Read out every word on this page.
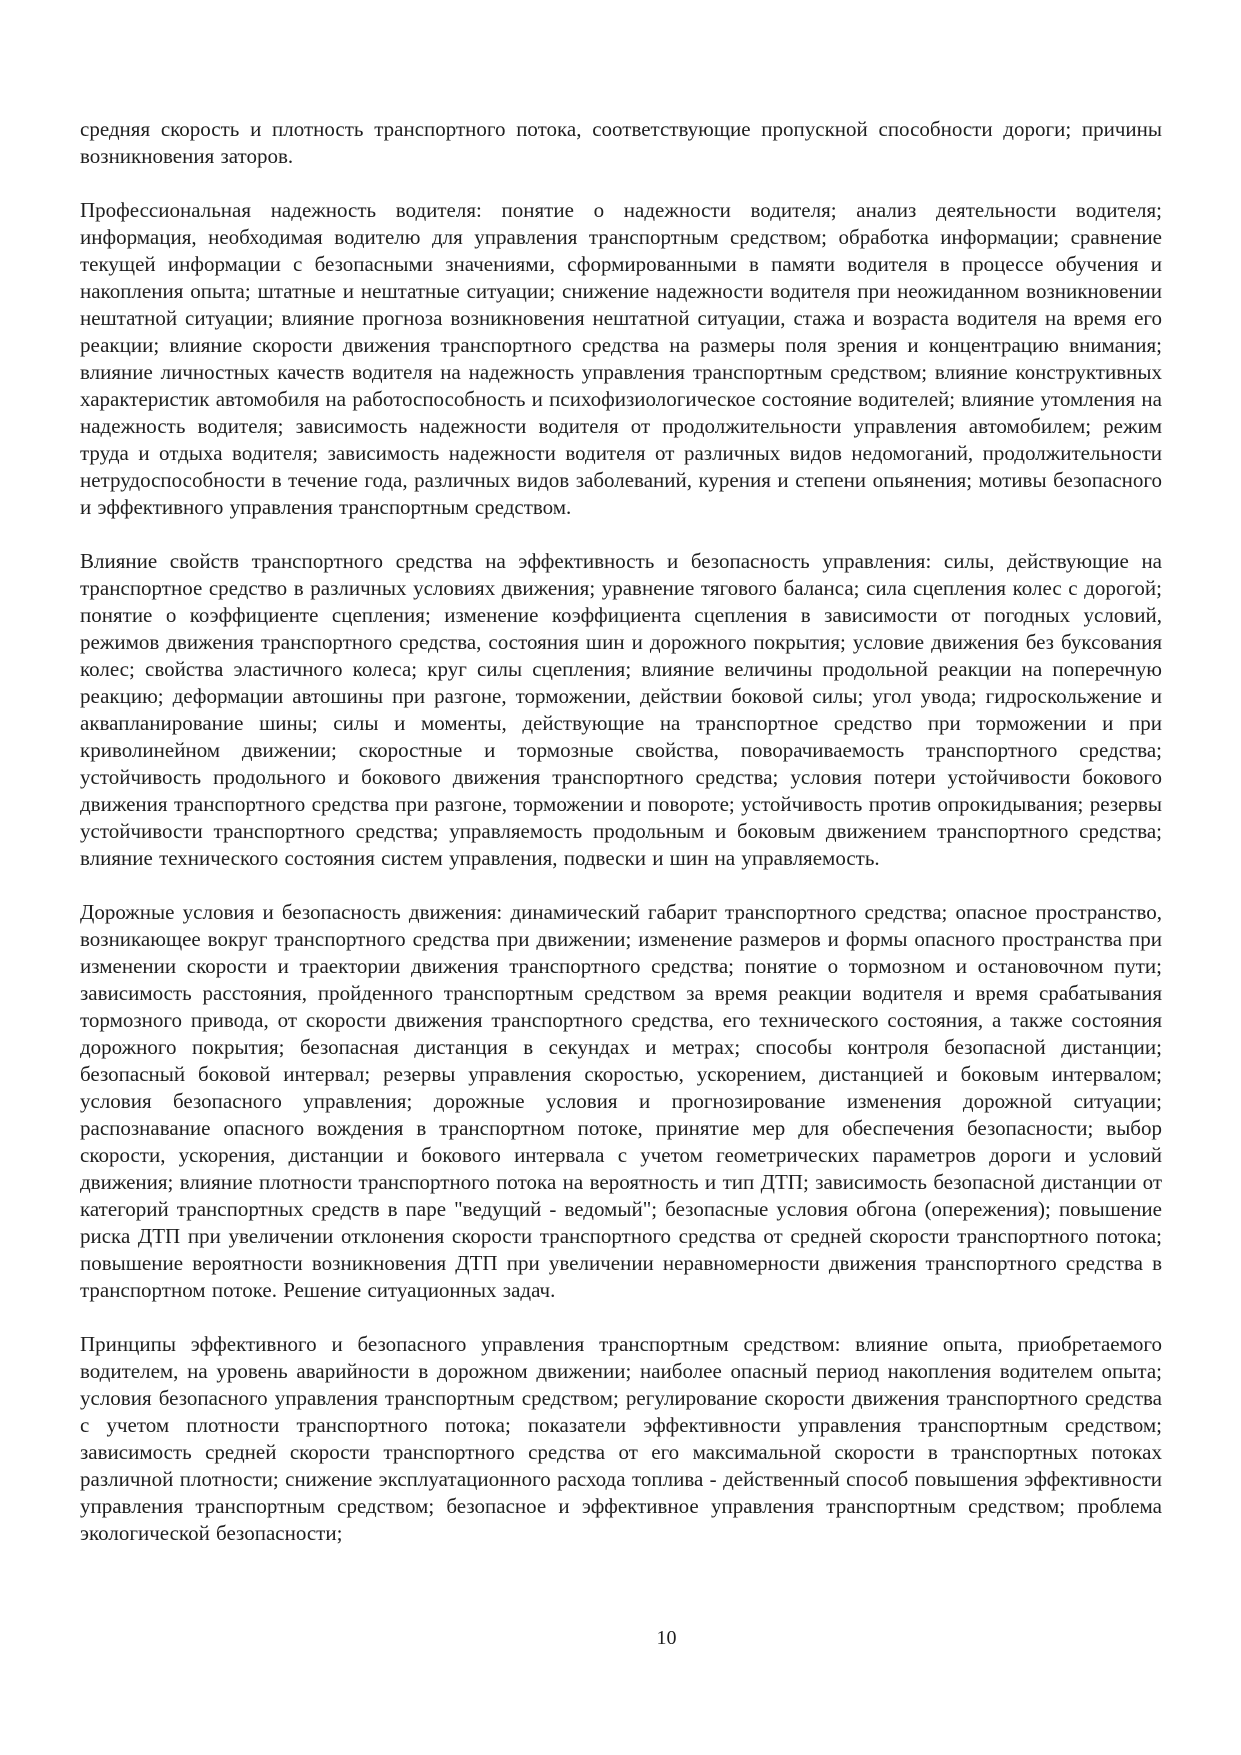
средняя скорость и плотность транспортного потока, соответствующие пропускной способности дороги; причины возникновения заторов.

Профессиональная надежность водителя: понятие о надежности водителя; анализ деятельности водителя; информация, необходимая водителю для управления транспортным средством; обработка информации; сравнение текущей информации с безопасными значениями, сформированными в памяти водителя в процессе обучения и накопления опыта; штатные и нештатные ситуации; снижение надежности водителя при неожиданном возникновении нештатной ситуации; влияние прогноза возникновения нештатной ситуации, стажа и возраста водителя на время его реакции; влияние скорости движения транспортного средства на размеры поля зрения и концентрацию внимания; влияние личностных качеств водителя на надежность управления транспортным средством; влияние конструктивных характеристик автомобиля на работоспособность и психофизиологическое состояние водителей; влияние утомления на надежность водителя; зависимость надежности водителя от продолжительности управления автомобилем; режим труда и отдыха водителя; зависимость надежности водителя от различных видов недомоганий, продолжительности нетрудоспособности в течение года, различных видов заболеваний, курения и степени опьянения; мотивы безопасного и эффективного управления транспортным средством.

Влияние свойств транспортного средства на эффективность и безопасность управления: силы, действующие на транспортное средство в различных условиях движения; уравнение тягового баланса; сила сцепления колес с дорогой; понятие о коэффициенте сцепления; изменение коэффициента сцепления в зависимости от погодных условий, режимов движения транспортного средства, состояния шин и дорожного покрытия; условие движения без буксования колес; свойства эластичного колеса; круг силы сцепления; влияние величины продольной реакции на поперечную реакцию; деформации автошины при разгоне, торможении, действии боковой силы; угол увода; гидроскольжение и аквапланирование шины; силы и моменты, действующие на транспортное средство при торможении и при криволинейном движении; скоростные и тормозные свойства, поворачиваемость транспортного средства; устойчивость продольного и бокового движения транспортного средства; условия потери устойчивости бокового движения транспортного средства при разгоне, торможении и повороте; устойчивость против опрокидывания; резервы устойчивости транспортного средства; управляемость продольным и боковым движением транспортного средства; влияние технического состояния систем управления, подвески и шин на управляемость.

Дорожные условия и безопасность движения: динамический габарит транспортного средства; опасное пространство, возникающее вокруг транспортного средства при движении; изменение размеров и формы опасного пространства при изменении скорости и траектории движения транспортного средства; понятие о тормозном и остановочном пути; зависимость расстояния, пройденного транспортным средством за время реакции водителя и время срабатывания тормозного привода, от скорости движения транспортного средства, его технического состояния, а также состояния дорожного покрытия; безопасная дистанция в секундах и метрах; способы контроля безопасной дистанции; безопасный боковой интервал; резервы управления скоростью, ускорением, дистанцией и боковым интервалом; условия безопасного управления; дорожные условия и прогнозирование изменения дорожной ситуации; распознавание опасного вождения в транспортном потоке, принятие мер для обеспечения безопасности; выбор скорости, ускорения, дистанции и бокового интервала с учетом геометрических параметров дороги и условий движения; влияние плотности транспортного потока на вероятность и тип ДТП; зависимость безопасной дистанции от категорий транспортных средств в паре "ведущий - ведомый"; безопасные условия обгона (опережения); повышение риска ДТП при увеличении отклонения скорости транспортного средства от средней скорости транспортного потока; повышение вероятности возникновения ДТП при увеличении неравномерности движения транспортного средства в транспортном потоке. Решение ситуационных задач.

Принципы эффективного и безопасного управления транспортным средством: влияние опыта, приобретаемого водителем, на уровень аварийности в дорожном движении; наиболее опасный период накопления водителем опыта; условия безопасного управления транспортным средством; регулирование скорости движения транспортного средства с учетом плотности транспортного потока; показатели эффективности управления транспортным средством; зависимость средней скорости транспортного средства от его максимальной скорости в транспортных потоках различной плотности; снижение эксплуатационного расхода топлива - действенный способ повышения эффективности управления транспортным средством; безопасное и эффективное управления транспортным средством; проблема экологической безопасности;

10
